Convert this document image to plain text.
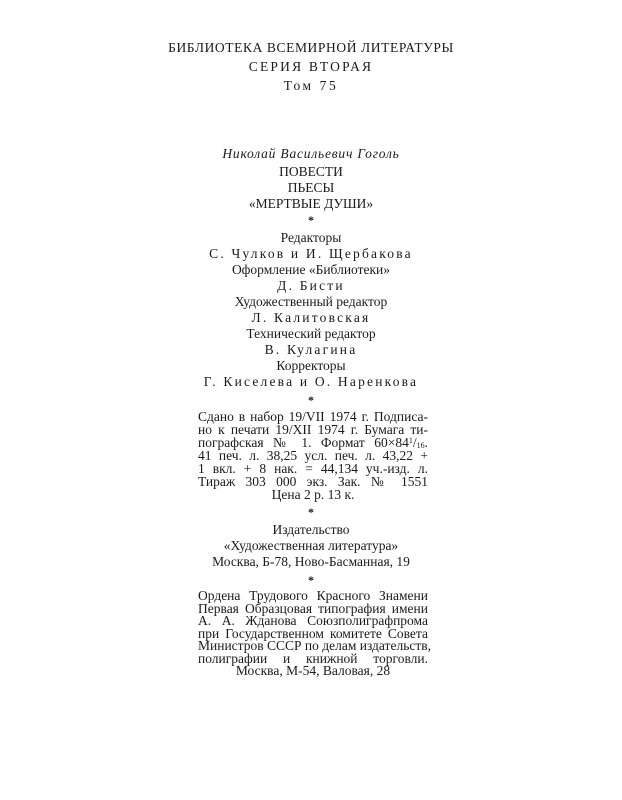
БИБЛИОТЕКА ВСЕМИРНОЙ ЛИТЕРАТУРЫ
СЕРИЯ ВТОРАЯ
Том 75
Николай Васильевич Гоголь
ПОВЕСТИ
ПЬЕСЫ
«МЕРТВЫЕ ДУШИ»
*
Редакторы
С. Чулков и И. Щербакова
Оформление «Библиотеки»
Д. Бисти
Художественный редактор
Л. Калитовская
Технический редактор
В. Кулагина
Корректоры
Г. Киселева и О. Наренкова
*
Сдано в набор 19/VII 1974 г. Подписа-
но к печати 19/XII 1974 г. Бумага ти-
пографская № 1. Формат $60\times 84^1/_{16}$.
41 печ. л. 38,25 усл. печ. л. 43,22 +
1 вкл. + 8 нак. = 44,134 уч.-изд. л.
Тираж 303 000 экз. Зак. № 1551
Цена 2 р. 13 к.
*
Издательство
«Художественная литература»
Москва, Б-78, Ново-Басманная, 19
*
Ордена Трудового Красного Знамени
Первая Образцовая типография имени
А. А. Жданова Союзполиграфпрома
при Государственном комитете Совета
Министров СССР по делам издательств,
полиграфии и книжной торговли.
Москва, М-54, Валовая, 28
